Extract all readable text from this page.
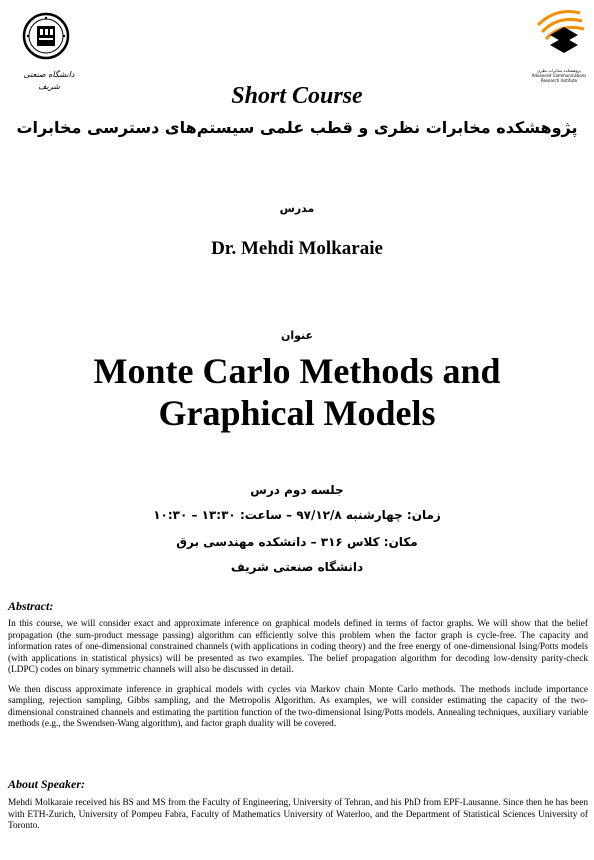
دانشگاه صنعتی شریف
پژوهشکده مخابرات نظری
Advanced Communications
Research Institute
Short Course
پژوهشکده مخابرات نظری و قطب علمی سیستم‌های دسترسی مخابرات
مدرس
Dr. Mehdi Molkaraie
عنوان
Monte Carlo Methods and
Graphical Models
جلسه دوم درس
زمان: چهارشنبه ۹۷/۱۲/۸ – ساعت: ۱۳:۳۰ – ۱۰:۳۰
مکان: کلاس ۳۱۶ – دانشکده مهندسی برق
دانشگاه صنعتی شریف
Abstract:

In this course, we will consider exact and approximate inference on graphical models defined in terms of factor graphs. We will show that the belief propagation (the sum-product message passing) algorithm can efficiently solve this problem when the factor graph is cycle-free. The capacity and information rates of one-dimensional constrained channels (with applications in coding theory) and the free energy of one-dimensional Ising/Potts models (with applications in statistical physics) will be presented as two examples. The belief propagation algorithm for decoding low-density parity-check (LDPC) codes on binary symmetric channels will also be discussed in detail.

We then discuss approximate inference in graphical models with cycles via Markov chain Monte Carlo methods. The methods include importance sampling, rejection sampling, Gibbs sampling, and the Metropolis Algorithm. As examples, we will consider estimating the capacity of the two-dimensional constrained channels and estimating the partition function of the two-dimensional Ising/Potts models. Annealing techniques, auxiliary variable methods (e.g., the Swendsen-Wang algorithm), and factor graph duality will be covered.

About Speaker:

Mehdi Molkaraie received his BS and MS from the Faculty of Engineering, University of Tehran, and his PhD from EPF-Lausanne. Since then he has been with ETH-Zurich, University of Pompeu Fabra, Faculty of Mathematics University of Waterloo, and the Department of Statistical Sciences University of Toronto.
